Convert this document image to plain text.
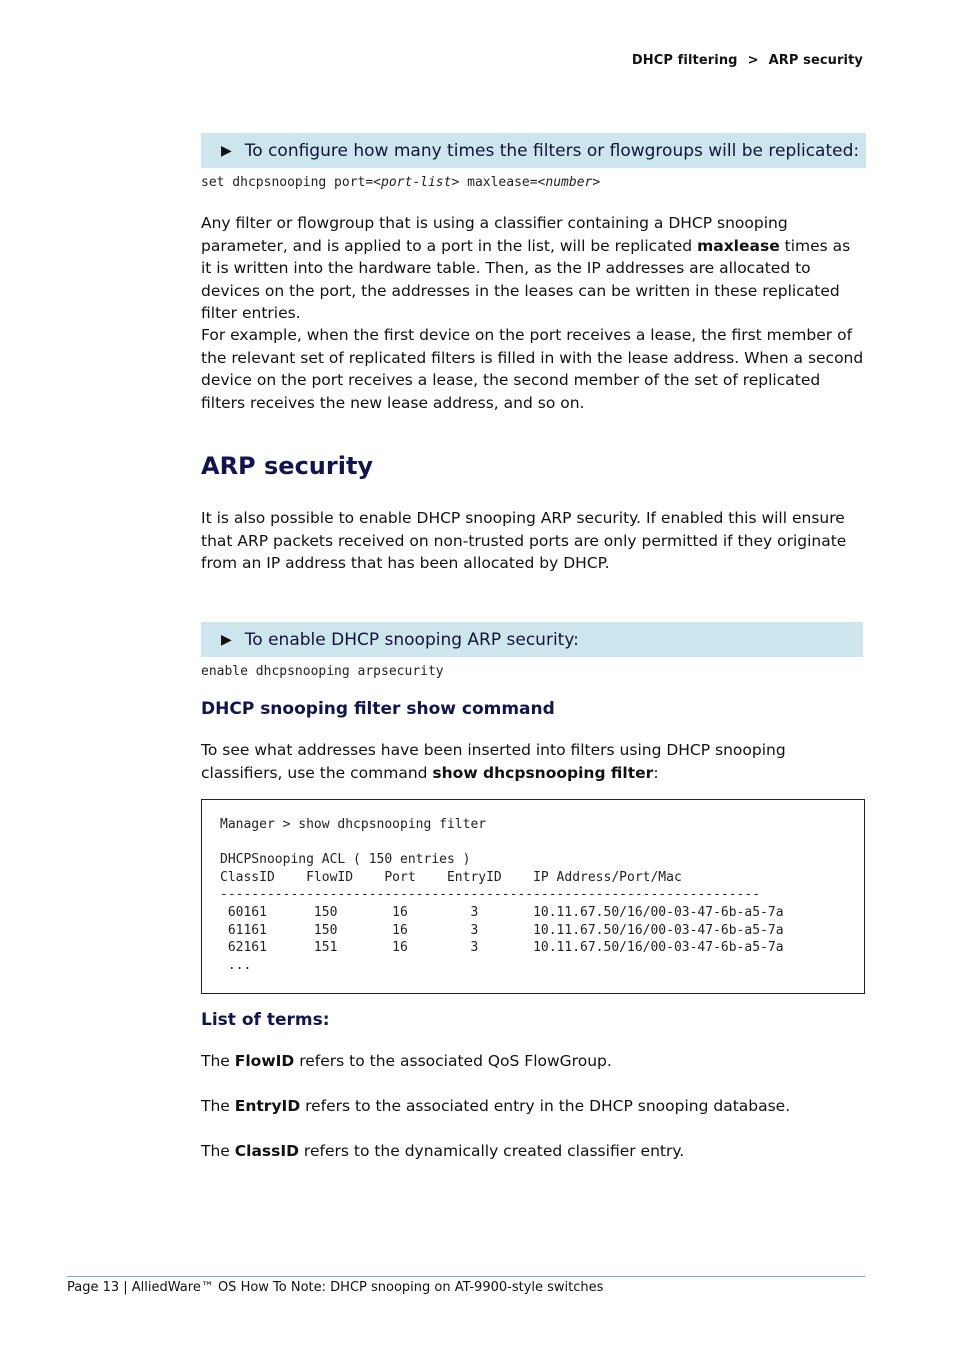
DHCP filtering > ARP security
▶ To configure how many times the filters or flowgroups will be replicated:
set dhcpsnooping port=<port-list> maxlease=<number>

Any filter or flowgroup that is using a classifier containing a DHCP snooping parameter, and is applied to a port in the list, will be replicated maxlease times as it is written into the hardware table. Then, as the IP addresses are allocated to devices on the port, the addresses in the leases can be written in these replicated filter entries.

For example, when the first device on the port receives a lease, the first member of the relevant set of replicated filters is filled in with the lease address. When a second device on the port receives a lease, the second member of the set of replicated filters receives the new lease address, and so on.

ARP security

It is also possible to enable DHCP snooping ARP security. If enabled this will ensure that ARP packets received on non-trusted ports are only permitted if they originate from an IP address that has been allocated by DHCP.

▶ To enable DHCP snooping ARP security:
enable dhcpsnooping arpsecurity
DHCP snooping filter show command

To see what addresses have been inserted into filters using DHCP snooping classifiers, use the command show dhcpsnooping filter:

Manager > show dhcpsnooping filter

DHCPSnooping ACL ( 150 entries )
ClassID    FlowID    Port    EntryID    IP Address/Port/Mac
---------------------------------------------------------------------
60161      150       16        3       10.11.67.50/16/00-03-47-6b-a5-7a
61161      150       16        3       10.11.67.50/16/00-03-47-6b-a5-7a
62161      151       16        3       10.11.67.50/16/00-03-47-6b-a5-7a
...
List of terms:

The FlowID refers to the associated QoS FlowGroup.

The EntryID refers to the associated entry in the DHCP snooping database.

The ClassID refers to the dynamically created classifier entry.

Page 13 | AlliedWare™ OS How To Note: DHCP snooping on AT-9900-style switches
